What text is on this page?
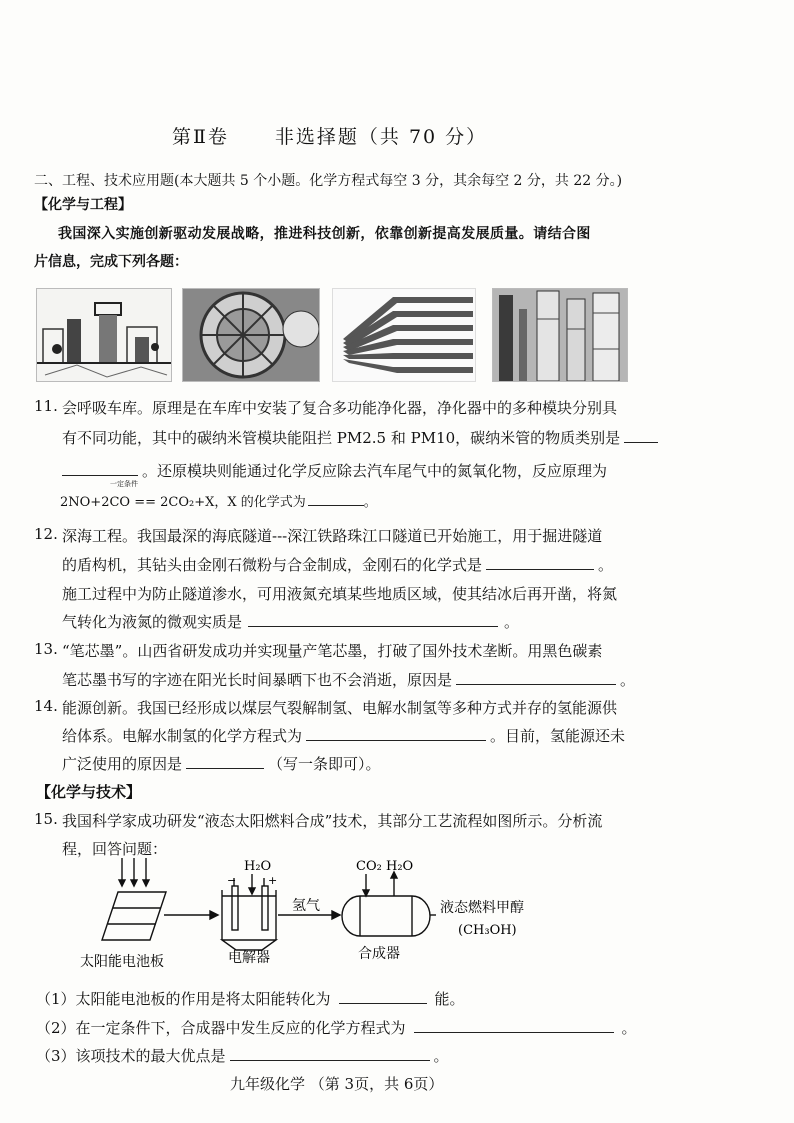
第Ⅱ卷 非选择题（共 70 分）
二、工程、技术应用题(本大题共 5 个小题。化学方程式每空 3 分，其余每空 2 分，共 22 分。)
【化学与工程】
我国深入实施创新驱动发展战略，推进科技创新，依靠创新提高发展质量。请结合图
片信息，完成下列各题：
11. 会呼吸车库。原理是在车库中安装了复合多功能净化器，净化器中的多种模块分别具
有不同功能，其中的碳纳米管模块能阻拦 PM2.5 和 PM10，碳纳米管的物质类别是
。还原模块则能通过化学反应除去汽车尾气中的氮氧化物，反应原理为
一定条件
2NO+2CO == 2CO₂+X，X 的化学式为	。
12. 深海工程。我国最深的海底隧道---深江铁路珠江口隧道已开始施工，用于掘进隧道
的盾构机，其钻头由金刚石微粉与合金制成，金刚石的化学式是	。
施工过程中为防止隧道渗水，可用液氮充填某些地质区域，使其结冰后再开凿，将氮
气转化为液氮的微观实质是	。
13. “笔芯墨”。山西省研发成功并实现量产笔芯墨，打破了国外技术垄断。用黑色碳素
笔芯墨书写的字迹在阳光长时间暴晒下也不会消逝，原因是	。
14. 能源创新。我国已经形成以煤层气裂解制氢、电解水制氢等多种方式并存的氢能源供
给体系。电解水制氢的化学方程式为	。目前，氢能源还未
广泛使用的原因是	（写一条即可）。
【化学与技术】
15. 我国科学家成功研发“液态太阳燃料合成”技术，其部分工艺流程如图所示。分析流
程，回答问题：
H₂O
−	+
氢气
CO₂ H₂O
液态燃料甲醇
(CH₃OH)
太阳能电池板	电解器	合成器
（1）太阳能电池板的作用是将太阳能转化为	能。
（2）在一定条件下，合成器中发生反应的化学方程式为	。
（3）该项技术的最大优点是	。
九年级化学 （第 3页，共 6页）
